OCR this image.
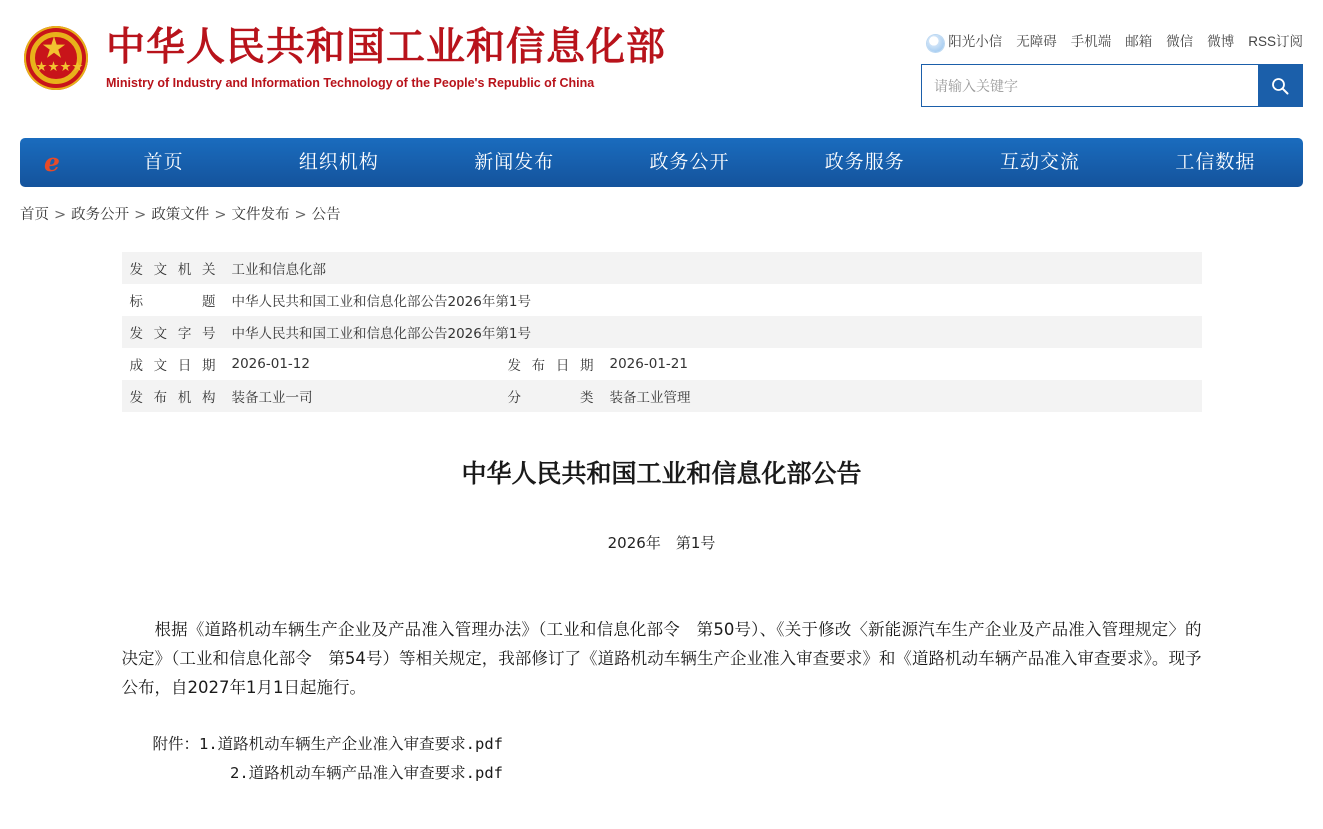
★★★★ 中华人民共和国工业和信息化部
Ministry of Industry and Information Technology of the People's Republic of China
阳光小信 无障碍 手机端 邮箱 微信 微博 RSS订阅
请输入关键字
ℯ	首页	组织机构	新闻发布	政务公开	政务服务	互动交流	工信数据
首页 > 政务公开 > 政策文件 > 文件发布 > 公告
发文机关	工业和信息化部		
标题	中华人民共和国工业和信息化部公告2026年第1号		
发文字号	中华人民共和国工业和信息化部公告2026年第1号		
成文日期	2026-01-12	发布日期	2026-01-21
发布机构	装备工业一司	分类	装备工业管理
中华人民共和国工业和信息化部公告
2026年　第1号

根据《道路机动车辆生产企业及产品准入管理办法》（工业和信息化部令　第50号）、《关于修改〈新能源汽车生产企业及产品准入管理规定〉的决定》（工业和信息化部令　第54号）等相关规定，我部修订了《道路机动车辆生产企业准入审查要求》和《道路机动车辆产品准入审查要求》。现予公布，自2027年1月1日起施行。

附件：1.道路机动车辆生产企业准入审查要求.pdf
2.道路机动车辆产品准入审查要求.pdf
